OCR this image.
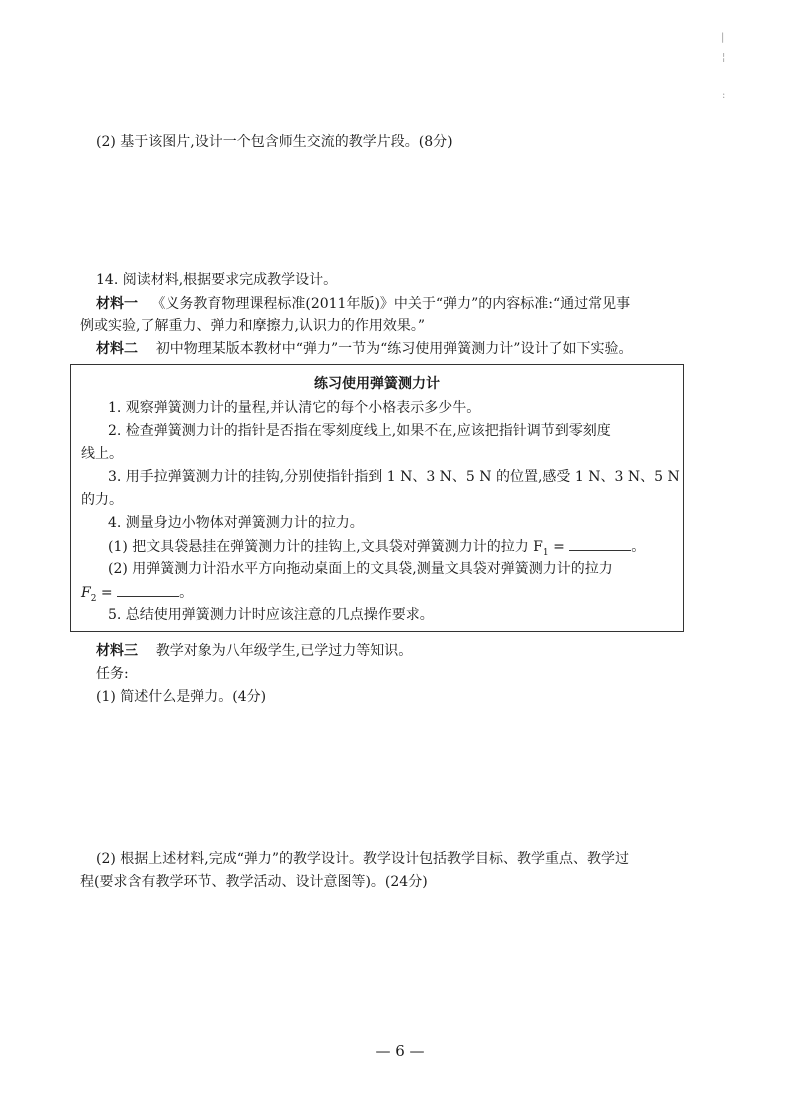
(2) 基于该图片,设计一个包含师生交流的教学片段。(8分)
14. 阅读材料,根据要求完成教学设计。
材料一 《义务教育物理课程标准(2011年版)》中关于“弹力”的内容标准:“通过常见事
例或实验,了解重力、弹力和摩擦力,认识力的作用效果。”
材料二 初中物理某版本教材中“弹力”一节为“练习使用弹簧测力计”设计了如下实验。
练习使用弹簧测力计
1. 观察弹簧测力计的量程,并认清它的每个小格表示多少牛。
2. 检查弹簧测力计的指针是否指在零刻度线上,如果不在,应该把指针调节到零刻度
线上。
3. 用手拉弹簧测力计的挂钩,分别使指针指到 1 N、3 N、5 N 的位置,感受 1 N、3 N、5 N
的力。
4. 测量身边小物体对弹簧测力计的拉力。
(1) 把文具袋悬挂在弹簧测力计的挂钩上,文具袋对弹簧测力计的拉力 $F_1$ =	。
(2) 用弹簧测力计沿水平方向拖动桌面上的文具袋,测量文具袋对弹簧测力计的拉力
$F_2$ =	。
5. 总结使用弹簧测力计时应该注意的几点操作要求。
材料三 教学对象为八年级学生,已学过力等知识。
任务:
(1) 简述什么是弹力。(4分)
(2) 根据上述材料,完成“弹力”的教学设计。教学设计包括教学目标、教学重点、教学过
程(要求含有教学环节、教学活动、设计意图等)。(24分)
— 6 —
|
¦
:
